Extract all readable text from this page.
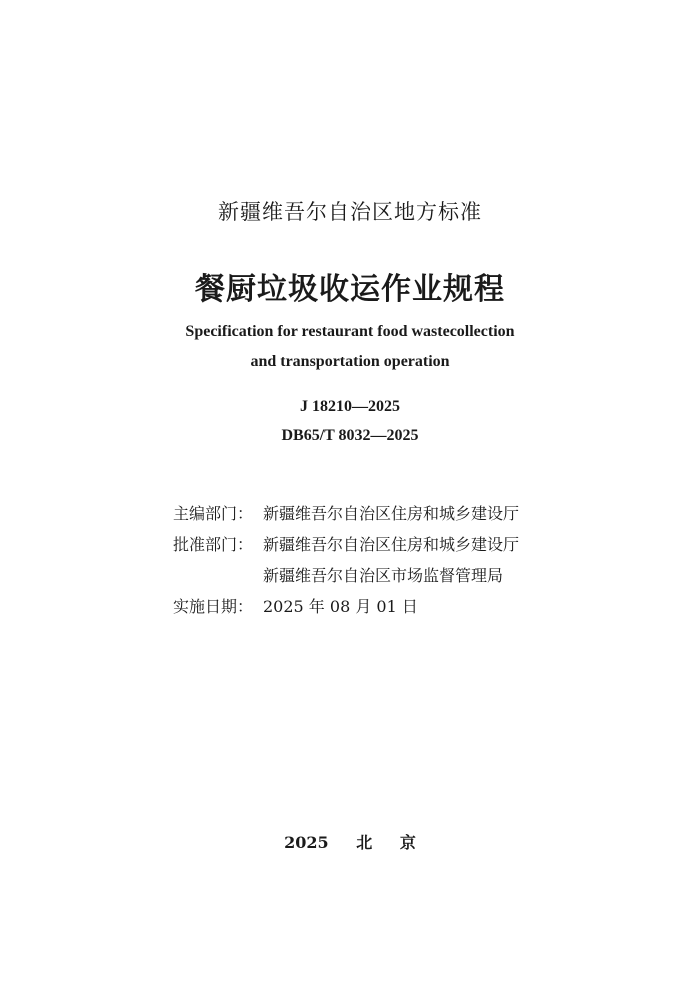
新疆维吾尔自治区地方标准
餐厨垃圾收运作业规程
Specification for restaurant food wastecollection
and transportation operation
J 18210—2025
DB65/T 8032—2025
主编部门： 新疆维吾尔自治区住房和城乡建设厅
批准部门： 新疆维吾尔自治区住房和城乡建设厅
新疆维吾尔自治区市场监督管理局
实施日期： 2025 年 08 月 01 日
2025 北 京
